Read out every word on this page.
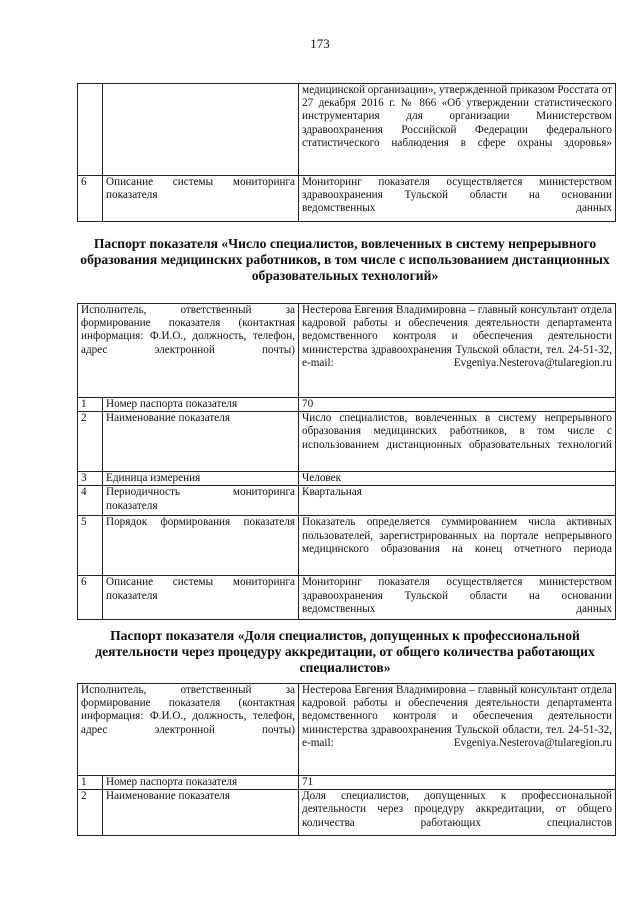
173
		медицинской организации», утвержденной приказом Росстата от 27 декабря 2016 г. № 866 «Об утверждении статистического инструментария для организации Министерством здравоохранения Российской Федерации федерального статистического наблюдения в сфере охраны здоровья»
6	Описание системы мониторинга показателя	Мониторинг показателя осуществляется министерством здравоохранения Тульской области на основании ведомственных данных
Паспорт показателя «Число специалистов, вовлеченных в систему непрерывного образования медицинских работников, в том числе с использованием дистанционных образовательных технологий»
Исполнитель, ответственный за формирование показателя (контактная информация: Ф.И.О., должность, телефон, адрес электронной почты)		Нестерова Евгения Владимировна – главный консультант отдела кадровой работы и обеспечения деятельности департамента ведомственного контроля и обеспечения деятельности министерства здравоохранения Тульской области, тел. 24-51-32, e-mail: Evgeniya.Nesterova@tularegion.ru
1	Номер паспорта показателя	70
2	Наименование показателя	Число специалистов, вовлеченных в систему непрерывного образования медицинских работников, в том числе с использованием дистанционных образовательных технологий
3	Единица измерения	Человек
4	Периодичность мониторинга показателя	Квартальная
5	Порядок формирования показателя	Показатель определяется суммированием числа активных пользователей, зарегистрированных на портале непрерывного медицинского образования на конец отчетного периода
6	Описание системы мониторинга показателя	Мониторинг показателя осуществляется министерством здравоохранения Тульской области на основании ведомственных данных
Паспорт показателя «Доля специалистов, допущенных к профессиональной деятельности через процедуру аккредитации, от общего количества работающих специалистов»
Исполнитель, ответственный за формирование показателя (контактная информация: Ф.И.О., должность, телефон, адрес электронной почты)		Нестерова Евгения Владимировна – главный консультант отдела кадровой работы и обеспечения деятельности департамента ведомственного контроля и обеспечения деятельности министерства здравоохранения Тульской области, тел. 24-51-32, e-mail: Evgeniya.Nesterova@tularegion.ru
1	Номер паспорта показателя	71
2	Наименование показателя	Доля специалистов, допущенных к профессиональной деятельности через процедуру аккредитации, от общего количества работающих специалистов
